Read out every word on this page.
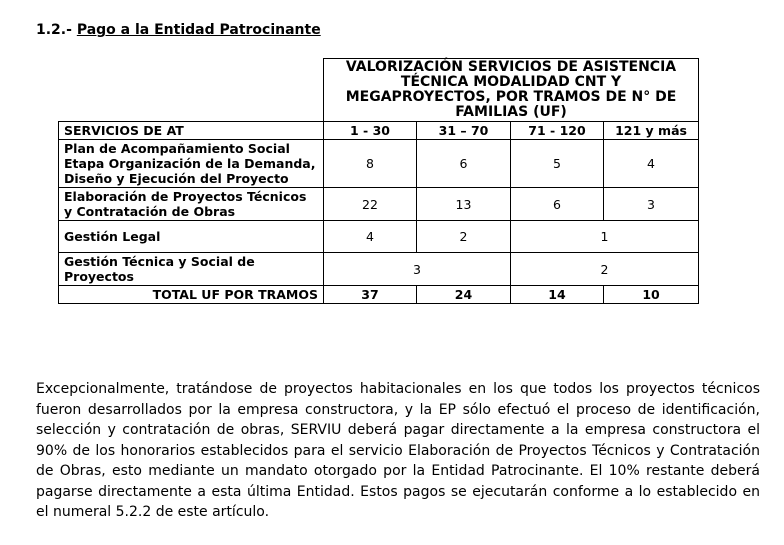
1.2.- Pago a la Entidad Patrocinante
	VALORIZACIÓN SERVICIOS DE ASISTENCIA TÉCNICA MODALIDAD CNT Y MEGAPROYECTOS, POR TRAMOS DE N° DE FAMILIAS (UF)			
SERVICIOS DE AT	1 - 30	31 – 70	71 - 120	121 y más
Plan de Acompañamiento Social Etapa Organización de la Demanda, Diseño y Ejecución del Proyecto	8	6	5	4
Elaboración de Proyectos Técnicos y Contratación de Obras	22	13	6	3
Gestión Legal	4	2	1	
Gestión Técnica y Social de Proyectos	3		2	
TOTAL UF POR TRAMOS	37	24	14	10
Excepcionalmente, tratándose de proyectos habitacionales en los que todos los proyectos técnicos fueron desarrollados por la empresa constructora, y la EP sólo efectuó el proceso de identificación, selección y contratación de obras, SERVIU deberá pagar directamente a la empresa constructora el 90% de los honorarios establecidos para el servicio Elaboración de Proyectos Técnicos y Contratación de Obras, esto mediante un mandato otorgado por la Entidad Patrocinante. El 10% restante deberá pagarse directamente a esta última Entidad. Estos pagos se ejecutarán conforme a lo establecido en el numeral 5.2.2 de este artículo.
